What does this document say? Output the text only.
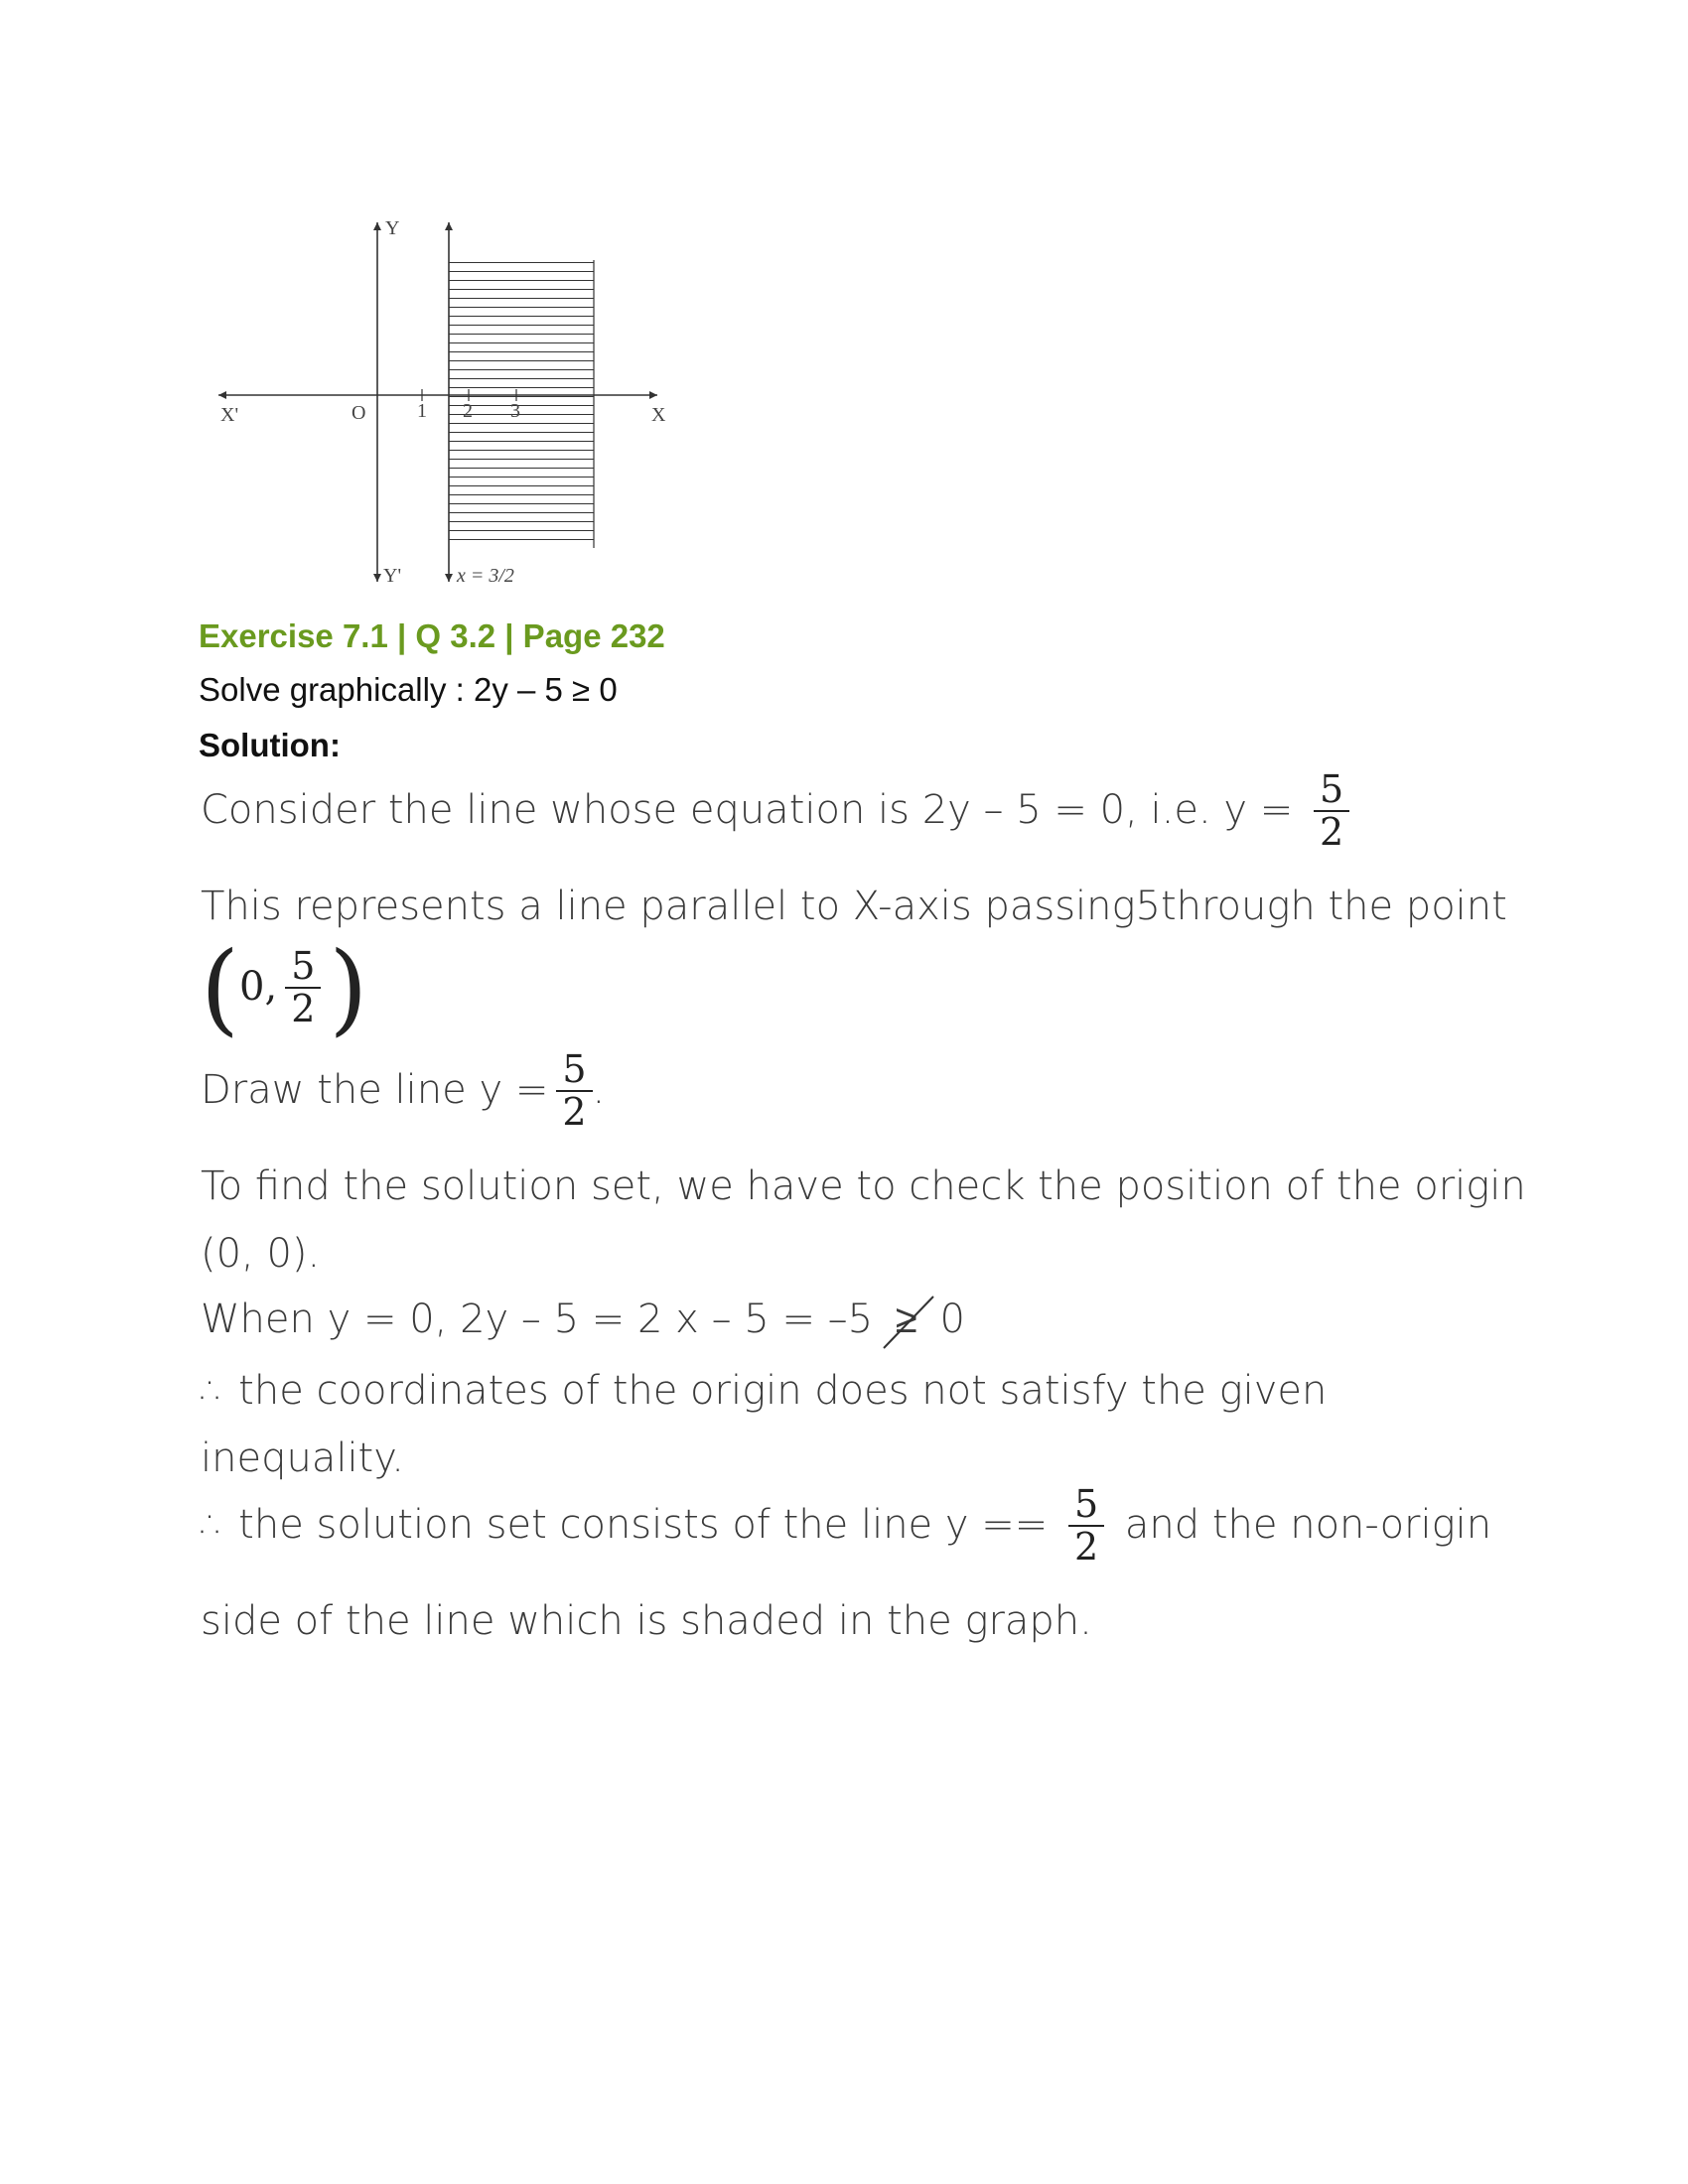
Y
Y'
X
X'	O	1 2 3
x = 3/2
Exercise 7.1 | Q 3.2 | Page 232
Solve graphically : 2y – 5 ≥ 0
Solution:
Consider the line whose equation is 2y – 5 = 0, i.e. $y = \frac{5}{2}$
This represents a line parallel to X-axis passing5through the point
(0, $\frac{5}{2}$ )
Draw the line $y = \frac{5}{2}$ .
To find the solution set, we have to check the position of the origin
(0, 0).
When y = 0, 2y – 5 = 2 x – 5 = –5 ≥ 0
∴ the coordinates of the origin does not satisfy the given
inequality.
∴ the solution set consists of the line $y == \frac{5}{2}$ and the non-origin
side of the line which is shaded in the graph.
